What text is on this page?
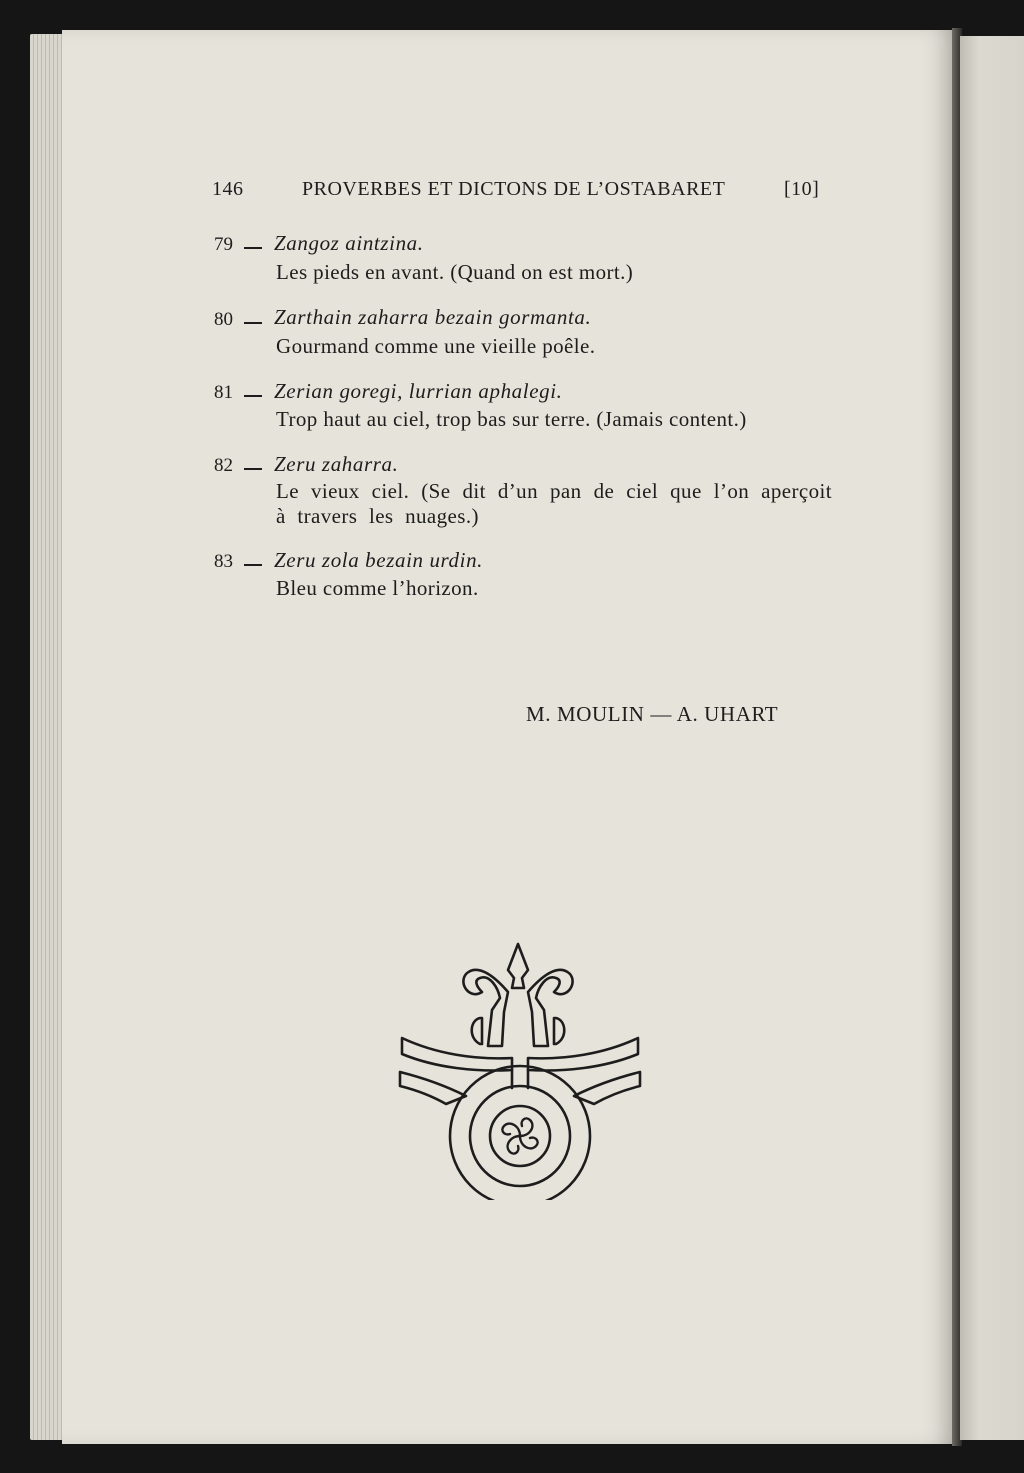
146	PROVERBES ET DICTONS DE L’OSTABARET	[10]
79 Zangoz aintzina.
Les pieds en avant. (Quand on est mort.)
80 Zarthain zaharra bezain gormanta.
Gourmand comme une vieille poêle.
81 Zerian goregi, lurrian aphalegi.
Trop haut au ciel, trop bas sur terre. (Jamais content.)
82 Zeru zaharra.
Le vieux ciel. (Se dit d’un pan de ciel que l’on aperçoit à travers les nuages.)
83 Zeru zola bezain urdin.
Bleu comme l’horizon.
M. MOULIN — A. UHART
